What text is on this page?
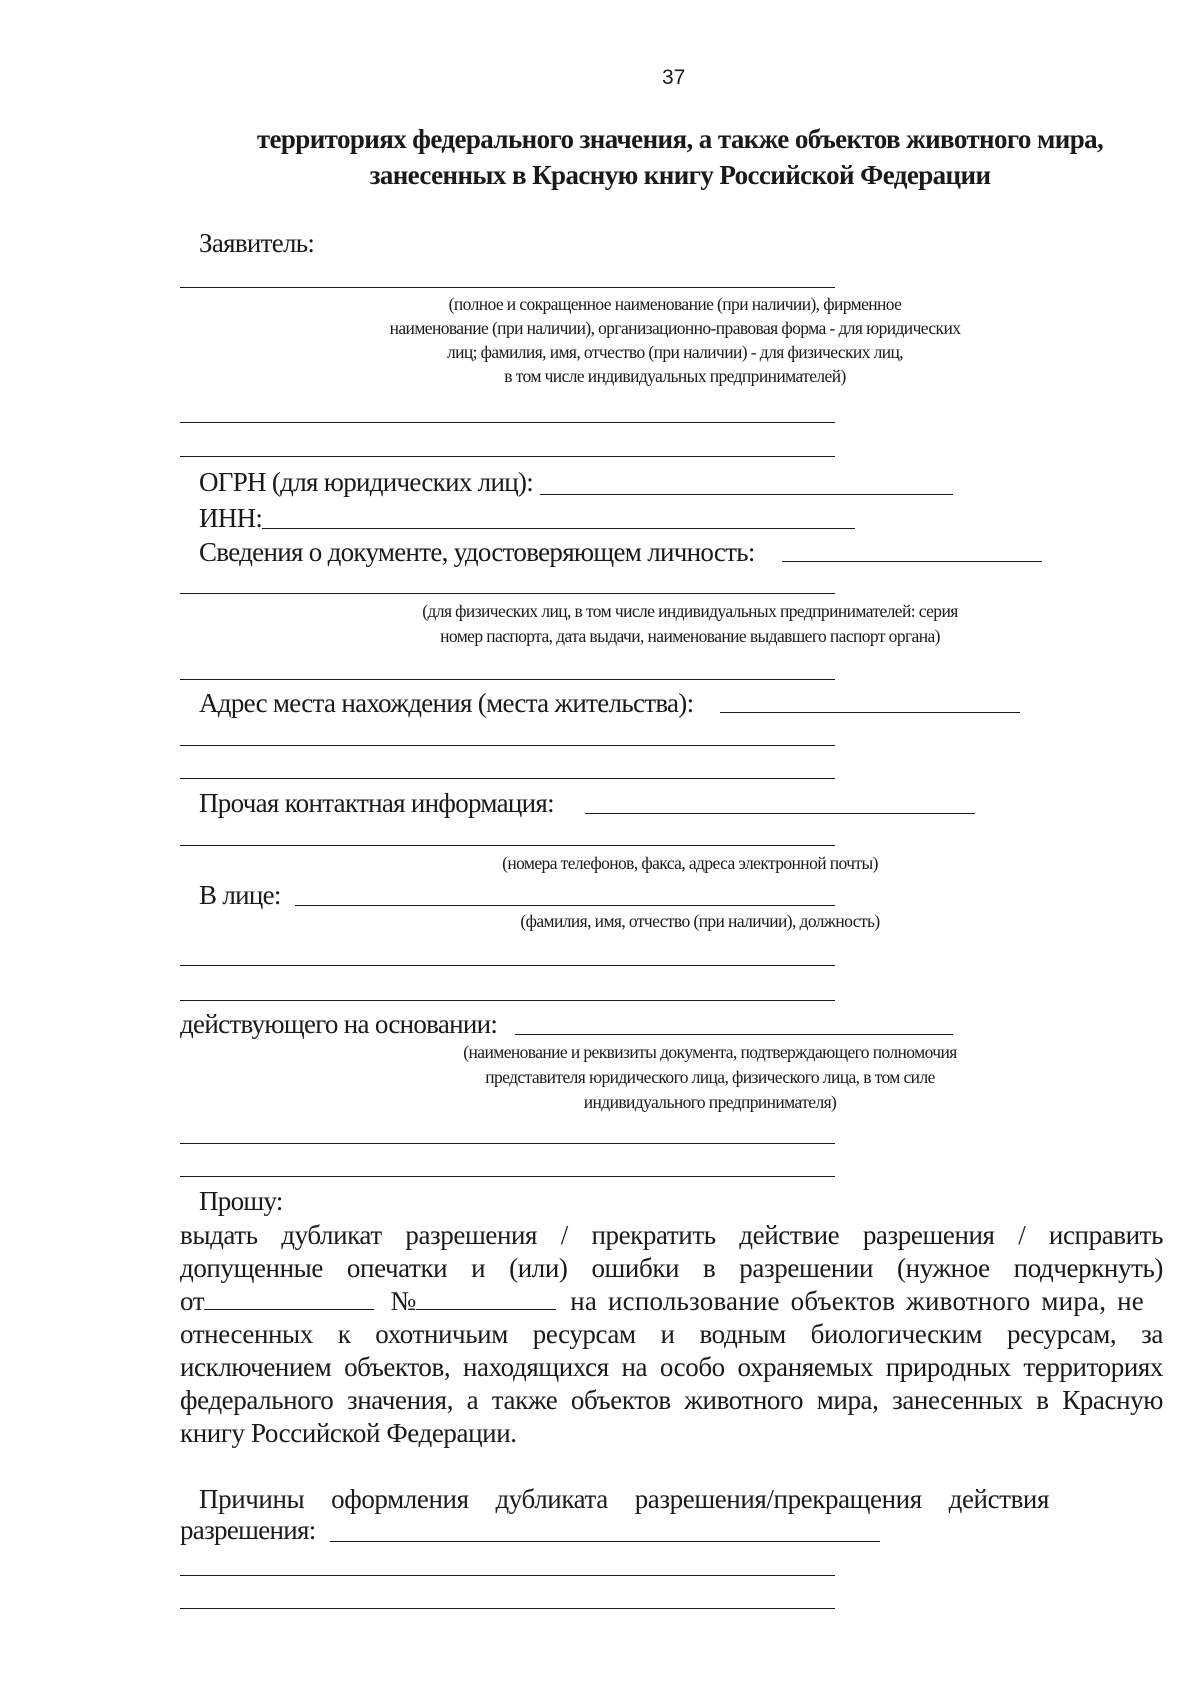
37
территориях федерального значения, а также объектов животного мира,
занесенных в Красную книгу Российской Федерации
Заявитель:
(полное и сокращенное наименование (при наличии), фирменное
наименование (при наличии), организационно-правовая форма - для юридических
лиц; фамилия, имя, отчество (при наличии) - для физических лиц,
в том числе индивидуальных предпринимателей)
ОГРН (для юридических лиц):
ИНН:
Сведения о документе, удостоверяющем личность:
(для физических лиц, в том числе индивидуальных предпринимателей: серия
номер паспорта, дата выдачи, наименование выдавшего паспорт органа)
Адрес места нахождения (места жительства):
Прочая контактная информация:
(номера телефонов, факса, адреса электронной почты)
В лице:
(фамилия, имя, отчество (при наличии), должность)
действующего на основании:
(наименование и реквизиты документа, подтверждающего полномочия
представителя юридического лица, физического лица, в том силе
индивидуального предпринимателя)
Прошу:
выдать дубликат разрешения / прекратить действие разрешения / исправить
допущенные опечатки и (или) ошибки в разрешении (нужное подчеркнуть)
от	№	на использование объектов животного мира, не
отнесенных к охотничьим ресурсам и водным биологическим ресурсам, за
исключением объектов, находящихся на особо охраняемых природных территориях
федерального значения, а также объектов животного мира, занесенных в Красную
книгу Российской Федерации.
Причины оформления дубликата разрешения/прекращения действия
разрешения:
